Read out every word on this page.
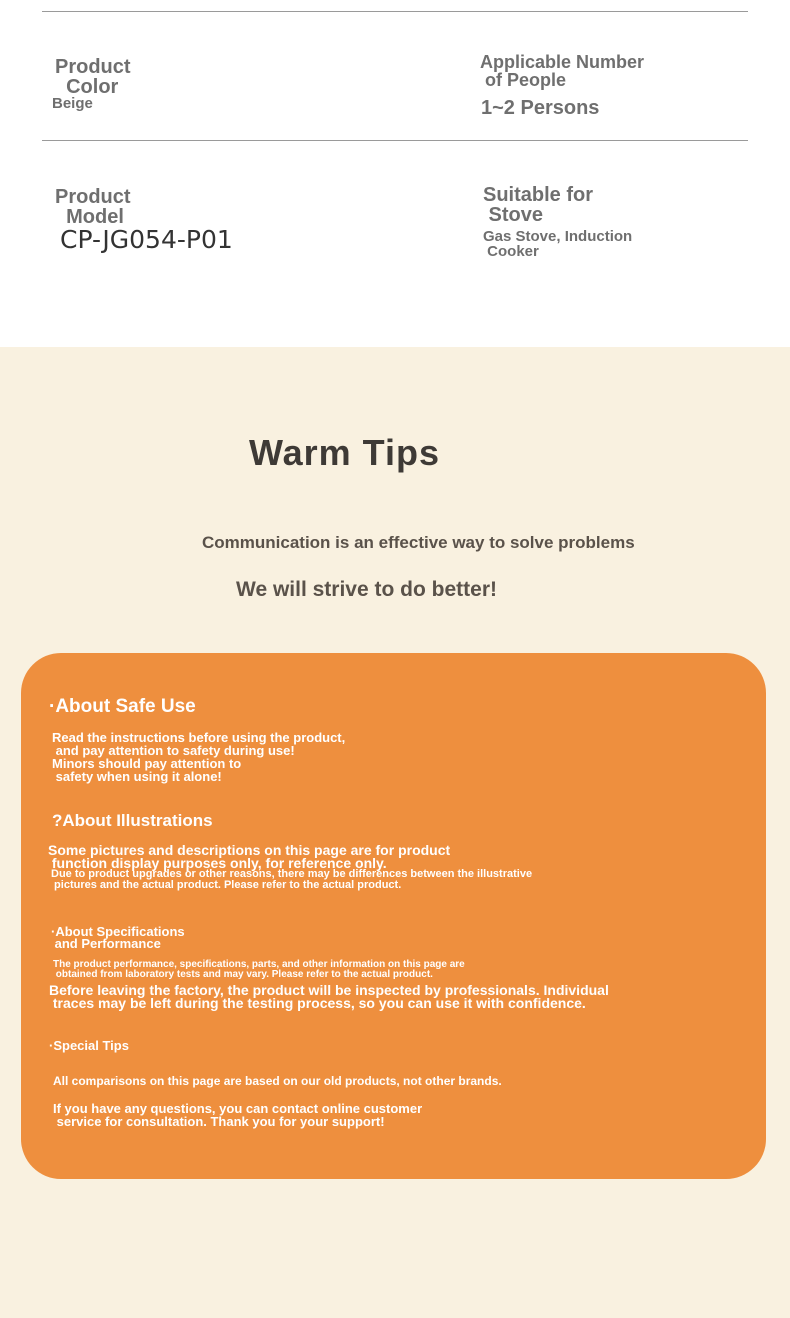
Product
Color
Beige
Applicable Number
of People
1~2 Persons
Product
Model
CP-JG054-P01
Suitable for
Stove
Gas Stove, Induction
Cooker
Warm Tips
Communication is an effective way to solve problems
We will strive to do better!
·About Safe Use
Read the instructions before using the product,
and pay attention to safety during use!
Minors should pay attention to
safety when using it alone!
?About Illustrations
Some pictures and descriptions on this page are for product
function display purposes only, for reference only.
Due to product upgrades or other reasons, there may be differences between the illustrative
pictures and the actual product. Please refer to the actual product.
·About Specifications
and Performance
The product performance, specifications, parts, and other information on this page are
obtained from laboratory tests and may vary. Please refer to the actual product.
Before leaving the factory, the product will be inspected by professionals. Individual
traces may be left during the testing process, so you can use it with confidence.
·Special Tips
All comparisons on this page are based on our old products, not other brands.
If you have any questions, you can contact online customer
service for consultation. Thank you for your support!
